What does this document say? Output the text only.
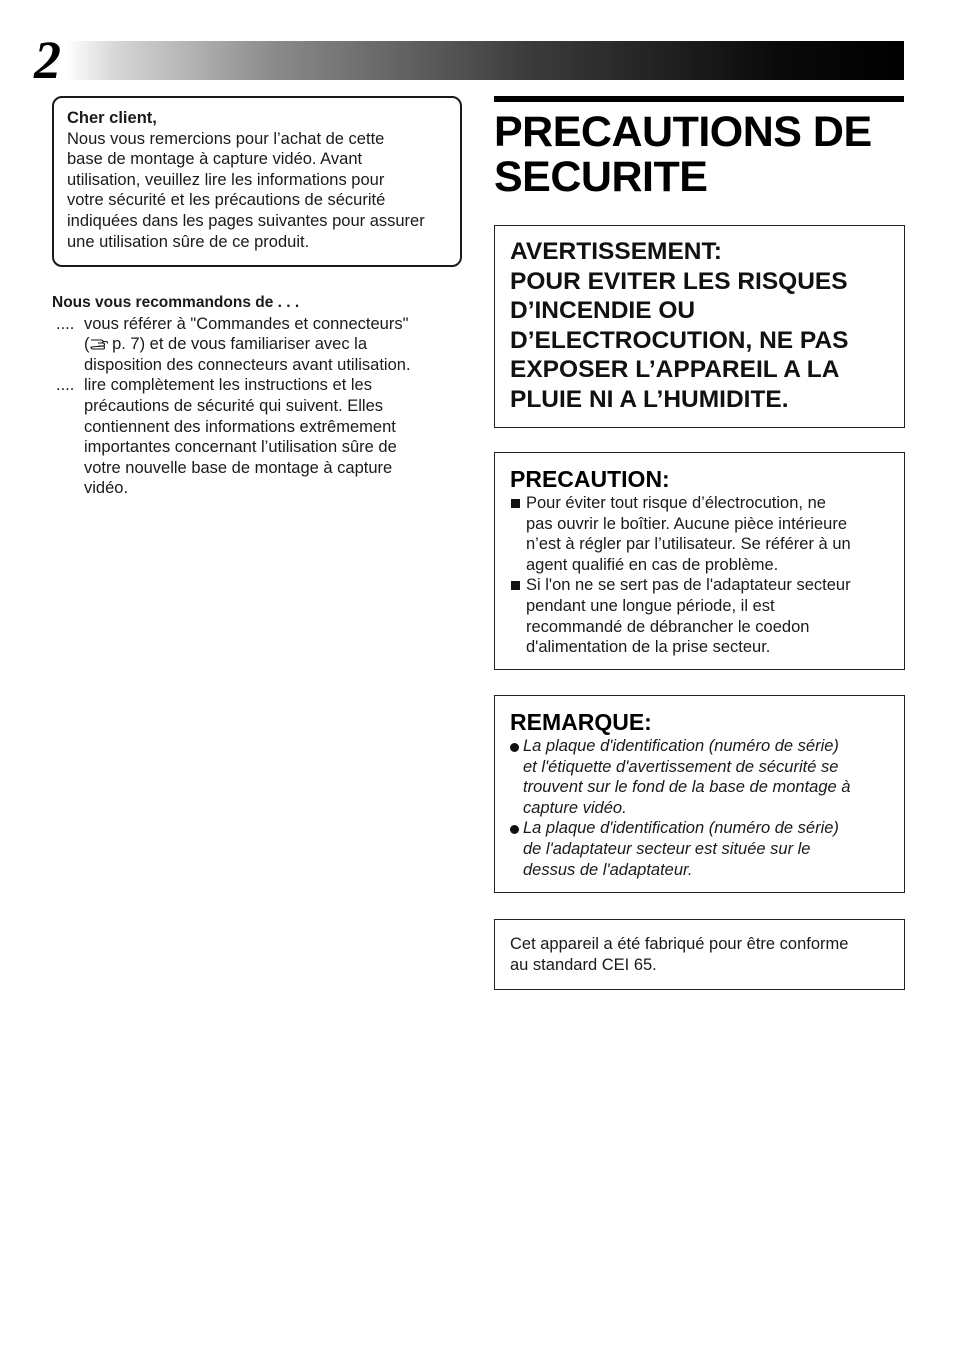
2
Cher client,
Nous vous remercions pour l’achat de cette
base de montage à capture vidéo. Avant
utilisation, veuillez lire les informations pour
votre sécurité et les précautions de sécurité
indiquées dans les pages suivantes pour assurer
une utilisation sûre de ce produit.
Nous vous recommandons de . . .
.... vous référer à "Commandes et connecteurs"
( p. 7) et de vous familiariser avec la
disposition des connecteurs avant utilisation.
.... lire complètement les instructions et les
précautions de sécurité qui suivent. Elles
contiennent des informations extrêmement
importantes concernant l’utilisation sûre de
votre nouvelle base de montage à capture
vidéo.
PRECAUTIONS DE
SECURITE
AVERTISSEMENT:
POUR EVITER LES RISQUES
D’INCENDIE OU
D’ELECTROCUTION, NE PAS
EXPOSER L’APPAREIL A LA
PLUIE NI A L’HUMIDITE.
PRECAUTION:
Pour éviter tout risque d’électrocution, ne
pas ouvrir le boîtier. Aucune pièce intérieure
n’est à régler par l’utilisateur. Se référer à un
agent qualifié en cas de problème.
Si l'on ne se sert pas de l'adaptateur secteur
pendant une longue période, il est
recommandé de débrancher le coedon
d'alimentation de la prise secteur.
REMARQUE:
La plaque d'identification (numéro de série)
et l'étiquette d'avertissement de sécurité se
trouvent sur le fond de la base de montage à
capture vidéo.
La plaque d'identification (numéro de série)
de l'adaptateur secteur est située sur le
dessus de l'adaptateur.
Cet appareil a été fabriqué pour être conforme
au standard CEI 65.
